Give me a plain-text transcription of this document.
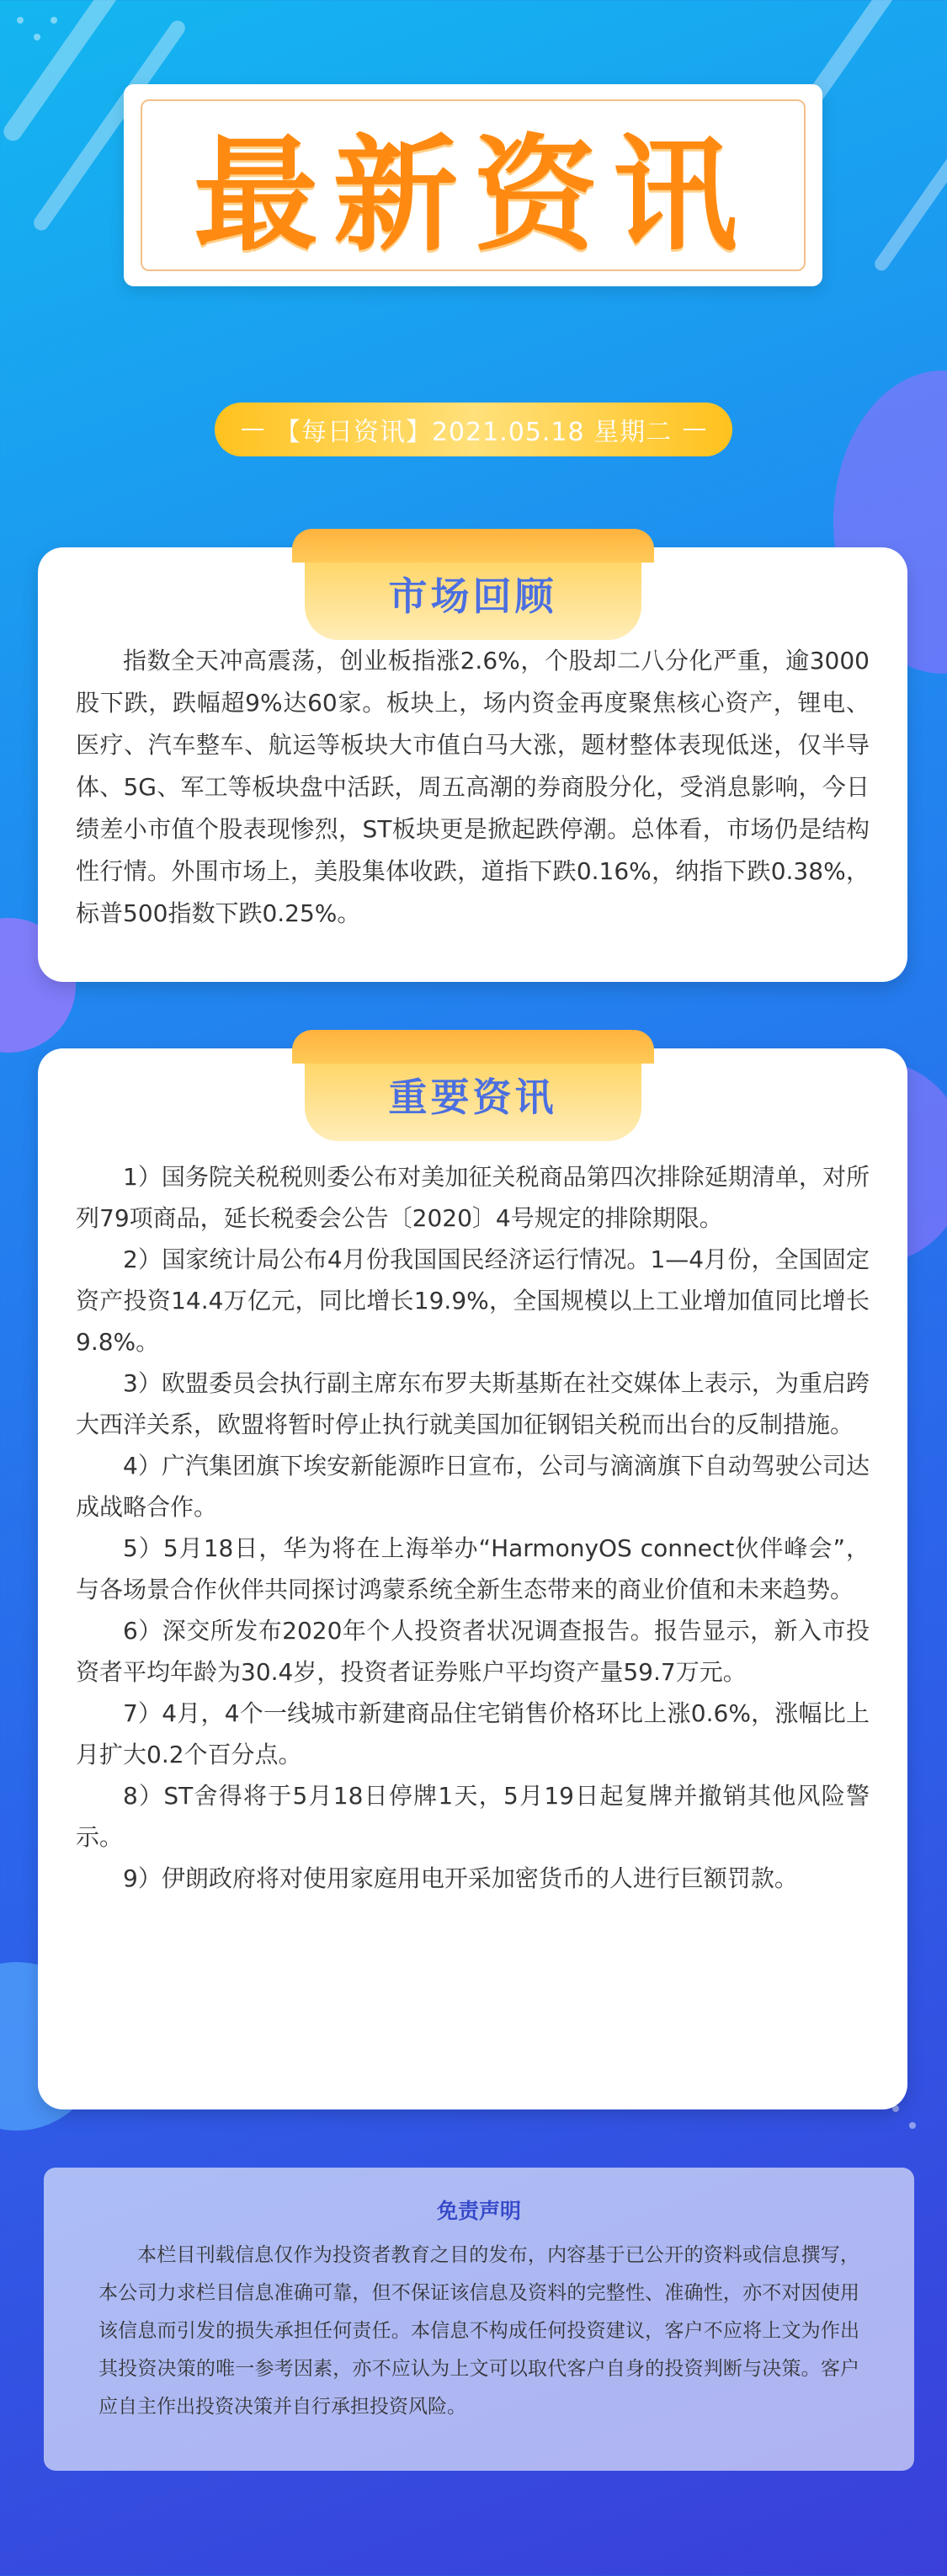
最新资讯
【每日资讯】2021.05.18 星期二
市场回顾
指数全天冲高震荡，创业板指涨2.6%，个股却二八分化严重，逾3000股下跌，跌幅超9%达60家。板块上，场内资金再度聚焦核心资产，锂电、医疗、汽车整车、航运等板块大市值白马大涨，题材整体表现低迷，仅半导体、5G、军工等板块盘中活跃，周五高潮的券商股分化，受消息影响，今日绩差小市值个股表现惨烈，ST板块更是掀起跌停潮。总体看，市场仍是结构性行情。外围市场上，美股集体收跌，道指下跌0.16%，纳指下跌0.38%，标普500指数下跌0.25%。
重要资讯

1）国务院关税税则委公布对美加征关税商品第四次排除延期清单，对所列79项商品，延长税委会公告〔2020〕4号规定的排除期限。

2）国家统计局公布4月份我国国民经济运行情况。1—4月份，全国固定资产投资14.4万亿元，同比增长19.9%，全国规模以上工业增加值同比增长9.8%。

3）欧盟委员会执行副主席东布罗夫斯基斯在社交媒体上表示，为重启跨大西洋关系，欧盟将暂时停止执行就美国加征钢铝关税而出台的反制措施。

4）广汽集团旗下埃安新能源昨日宣布，公司与滴滴旗下自动驾驶公司达成战略合作。

5）5月18日，华为将在上海举办“HarmonyOS connect伙伴峰会”，与各场景合作伙伴共同探讨鸿蒙系统全新生态带来的商业价值和未来趋势。

6）深交所发布2020年个人投资者状况调查报告。报告显示，新入市投资者平均年龄为30.4岁，投资者证券账户平均资产量59.7万元。

7）4月，4个一线城市新建商品住宅销售价格环比上涨0.6%，涨幅比上月扩大0.2个百分点。

8）ST舍得将于5月18日停牌1天，5月19日起复牌并撤销其他风险警示。

9）伊朗政府将对使用家庭用电开采加密货币的人进行巨额罚款。

免责声明
本栏目刊载信息仅作为投资者教育之目的发布，内容基于已公开的资料或信息撰写，本公司力求栏目信息准确可靠，但不保证该信息及资料的完整性、准确性，亦不对因使用该信息而引发的损失承担任何责任。本信息不构成任何投资建议，客户不应将上文为作出其投资决策的唯一参考因素，亦不应认为上文可以取代客户自身的投资判断与决策。客户应自主作出投资决策并自行承担投资风险。
